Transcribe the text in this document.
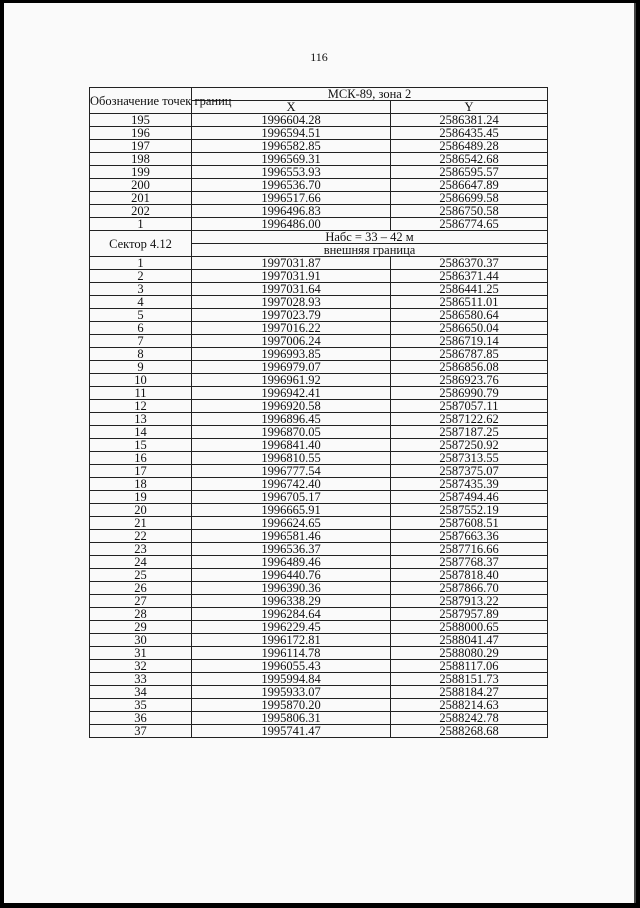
116
Обозначение точек границ	МСК-89, зона 2	
	X	Y
195	1996604.28	2586381.24
196	1996594.51	2586435.45
197	1996582.85	2586489.28
198	1996569.31	2586542.68
199	1996553.93	2586595.57
200	1996536.70	2586647.89
201	1996517.66	2586699.58
202	1996496.83	2586750.58
1	1996486.00	2586774.65
Сектор 4.12	Набс = 33 – 42 м	
	внешняя граница	
1	1997031.87	2586370.37
2	1997031.91	2586371.44
3	1997031.64	2586441.25
4	1997028.93	2586511.01
5	1997023.79	2586580.64
6	1997016.22	2586650.04
7	1997006.24	2586719.14
8	1996993.85	2586787.85
9	1996979.07	2586856.08
10	1996961.92	2586923.76
11	1996942.41	2586990.79
12	1996920.58	2587057.11
13	1996896.45	2587122.62
14	1996870.05	2587187.25
15	1996841.40	2587250.92
16	1996810.55	2587313.55
17	1996777.54	2587375.07
18	1996742.40	2587435.39
19	1996705.17	2587494.46
20	1996665.91	2587552.19
21	1996624.65	2587608.51
22	1996581.46	2587663.36
23	1996536.37	2587716.66
24	1996489.46	2587768.37
25	1996440.76	2587818.40
26	1996390.36	2587866.70
27	1996338.29	2587913.22
28	1996284.64	2587957.89
29	1996229.45	2588000.65
30	1996172.81	2588041.47
31	1996114.78	2588080.29
32	1996055.43	2588117.06
33	1995994.84	2588151.73
34	1995933.07	2588184.27
35	1995870.20	2588214.63
36	1995806.31	2588242.78
37	1995741.47	2588268.68
